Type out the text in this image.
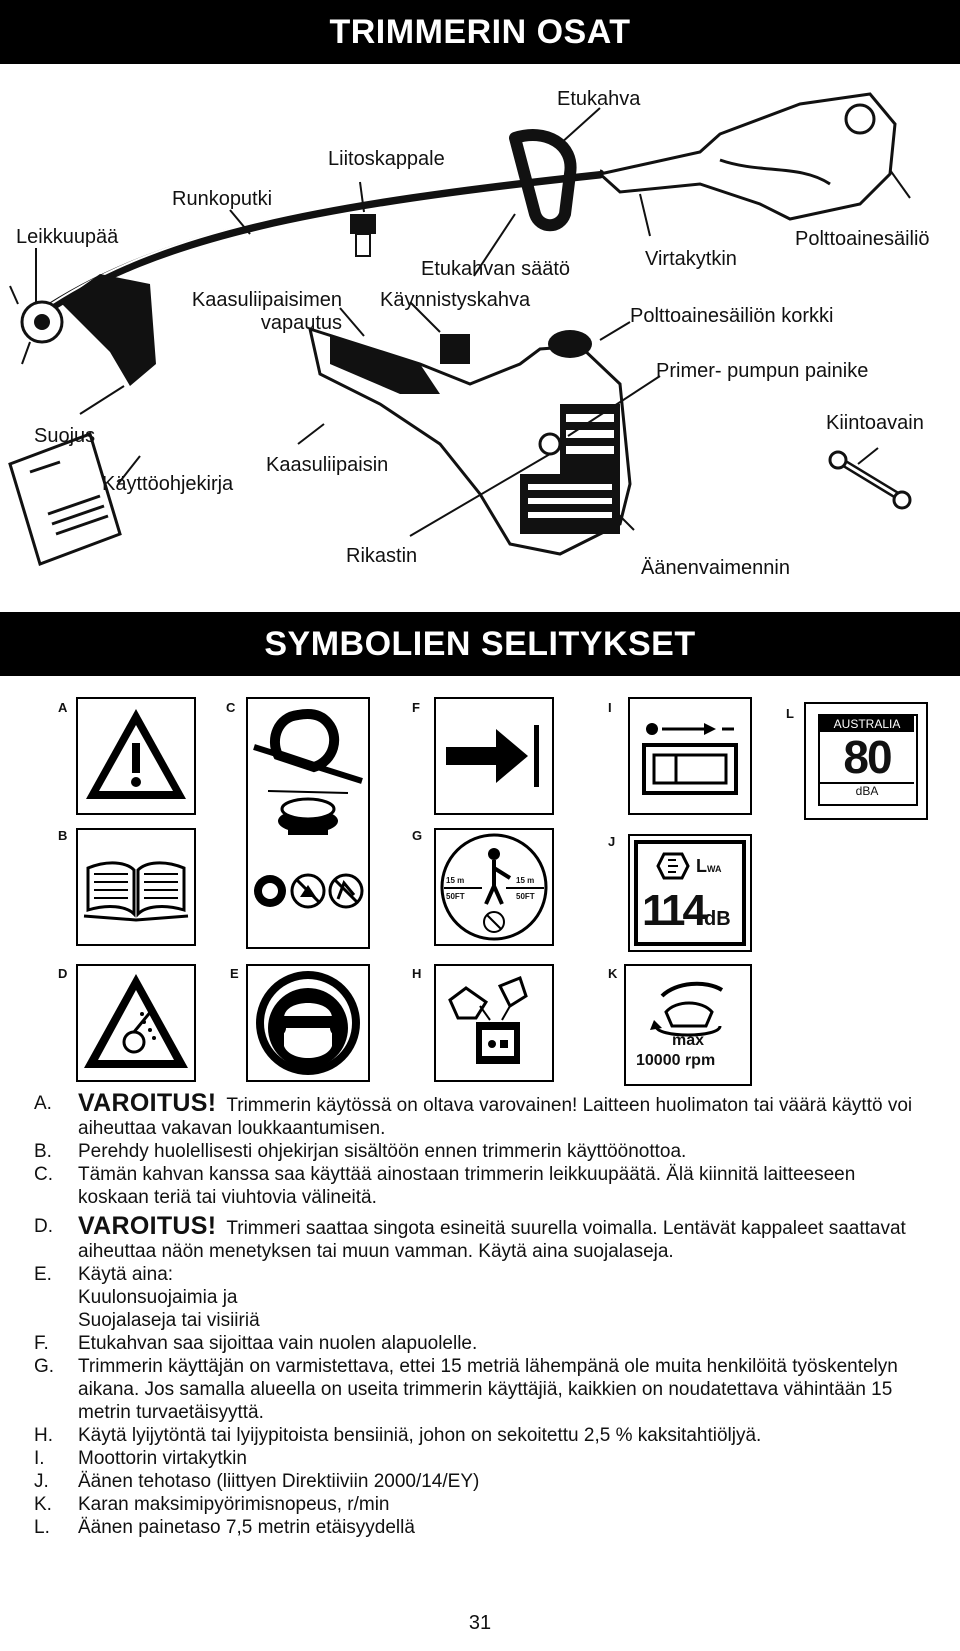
TRIMMERIN OSAT
Etukahva
Liitoskappale
Runkoputki
Leikkuupää	Polttoainesäiliö
Etukahvan säätö	Virtakytkin
Kaasuliipaisimen
vapautus
Käynnistyskahva
Polttoainesäiliön korkki
Primer- pumpun painike
Suojus
Kiintoavain
Käyttöohjekirja
Kaasuliipaisin
Rikastin
Äänenvaimennin
SYMBOLIEN SELITYKSET
A
B
C
D	E
F
G
H
I
J
K
L
15 m
50FT
15 m
50FT
LWA
114dB
max
10000 rpm
AUSTRALIA
80
dBA
A.	VAROITUS! Trimmerin käytössä on oltava varovainen! Laitteen huolimaton tai väärä käyttö voi aiheuttaa vakavan loukkaantumisen.
B.	Perehdy huolellisesti ohjekirjan sisältöön ennen trimmerin käyttöönottoa.
C.	Tämän kahvan kanssa saa käyttää ainostaan trimmerin leikkuupäätä. Älä kiinnitä laitteeseen koskaan teriä tai viuhtovia välineitä.
D.	VAROITUS! Trimmeri saattaa singota esineitä suurella voimalla. Lentävät kappaleet saattavat aiheuttaa näön menetyksen tai muun vamman. Käytä aina suojalaseja.
E.	Käytä aina:
Kuulonsuojaimia ja
Suojalaseja tai visiiriä
F.	Etukahvan saa sijoittaa vain nuolen alapuolelle.
G.	Trimmerin käyttäjän on varmistettava, ettei 15 metriä lähempänä ole muita henkilöitä työskentelyn aikana. Jos samalla alueella on useita trimmerin käyttäjiä, kaikkien on noudatettava vähintään 15 metrin turvaetäisyyttä.
H.	Käytä lyijytöntä tai lyijypitoista bensiiniä, johon on sekoitettu 2,5 % kaksitahtiöljyä.
I.	Moottorin virtakytkin
J.	Äänen tehotaso (liittyen Direktiiviin 2000/14/EY)
K.	Karan maksimipyörimisnopeus, r/min
L.	Äänen painetaso 7,5 metrin etäisyydellä
31
